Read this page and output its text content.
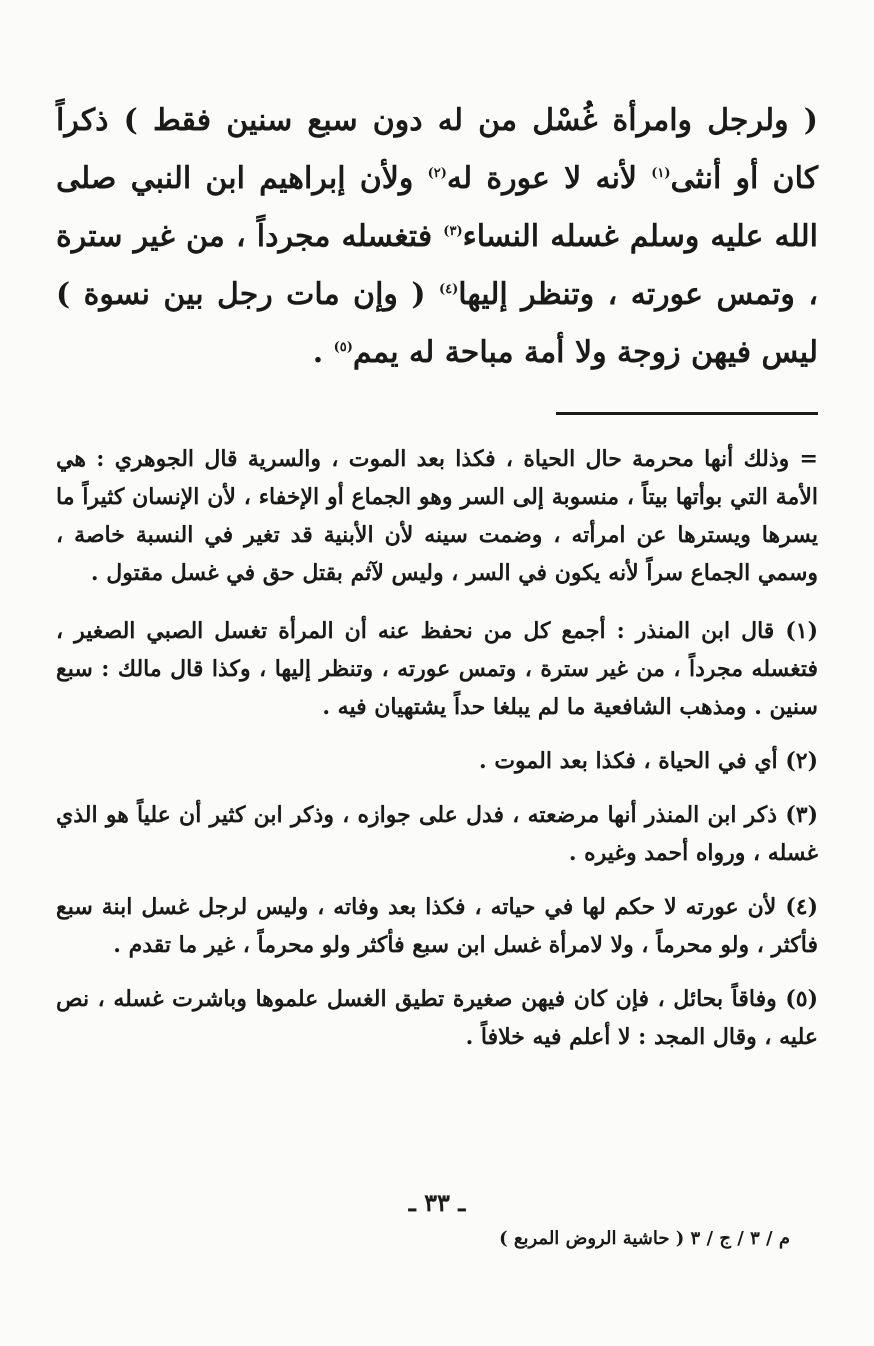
( ولرجل وامرأة غُسْل من له دون سبع سنين فقط ) ذكراً كان أو أنثى$^{(١)}$ لأنه لا عورة له$^{(٢)}$ ولأن إبراهيم ابن النبي صلى الله عليه وسلم غسله النساء$^{(٣)}$ فتغسله مجرداً ، من غير سترة ، وتمس عورته ، وتنظر إليها$^{(٤)}$ ( وإن مات رجل بين نسوة ) ليس فيهن زوجة ولا أمة مباحة له يمم$^{(٥)}$ .

= وذلك أنها محرمة حال الحياة ، فكذا بعد الموت ، والسرية قال الجوهري : هي الأمة التي بوأتها بيتاً ، منسوبة إلى السر وهو الجماع أو الإخفاء ، لأن الإنسان كثيراً ما يسرها ويسترها عن امرأته ، وضمت سينه لأن الأبنية قد تغير في النسبة خاصة ، وسمي الجماع سراً لأنه يكون في السر ، وليس لآثم بقتل حق في غسل مقتول .

(١) قال ابن المنذر : أجمع كل من نحفظ عنه أن المرأة تغسل الصبي الصغير ، فتغسله مجرداً ، من غير سترة ، وتمس عورته ، وتنظر إليها ، وكذا قال مالك : سبع سنين . ومذهب الشافعية ما لم يبلغا حداً يشتهيان فيه .

(٢) أي في الحياة ، فكذا بعد الموت .

(٣) ذكر ابن المنذر أنها مرضعته ، فدل على جوازه ، وذكر ابن كثير أن علياً هو الذي غسله ، ورواه أحمد وغيره .

(٤) لأن عورته لا حكم لها في حياته ، فكذا بعد وفاته ، وليس لرجل غسل ابنة سبع فأكثر ، ولو محرماً ، ولا لامرأة غسل ابن سبع فأكثر ولو محرماً ، غير ما تقدم .

(٥) وفاقاً بحائل ، فإن كان فيهن صغيرة تطيق الغسل علموها وباشرت غسله ، نص عليه ، وقال المجد : لا أعلم فيه خلافاً .

ـ ٣٣ ـ
م / ٣ / ج / ٣ ( حاشية الروض المربع )
